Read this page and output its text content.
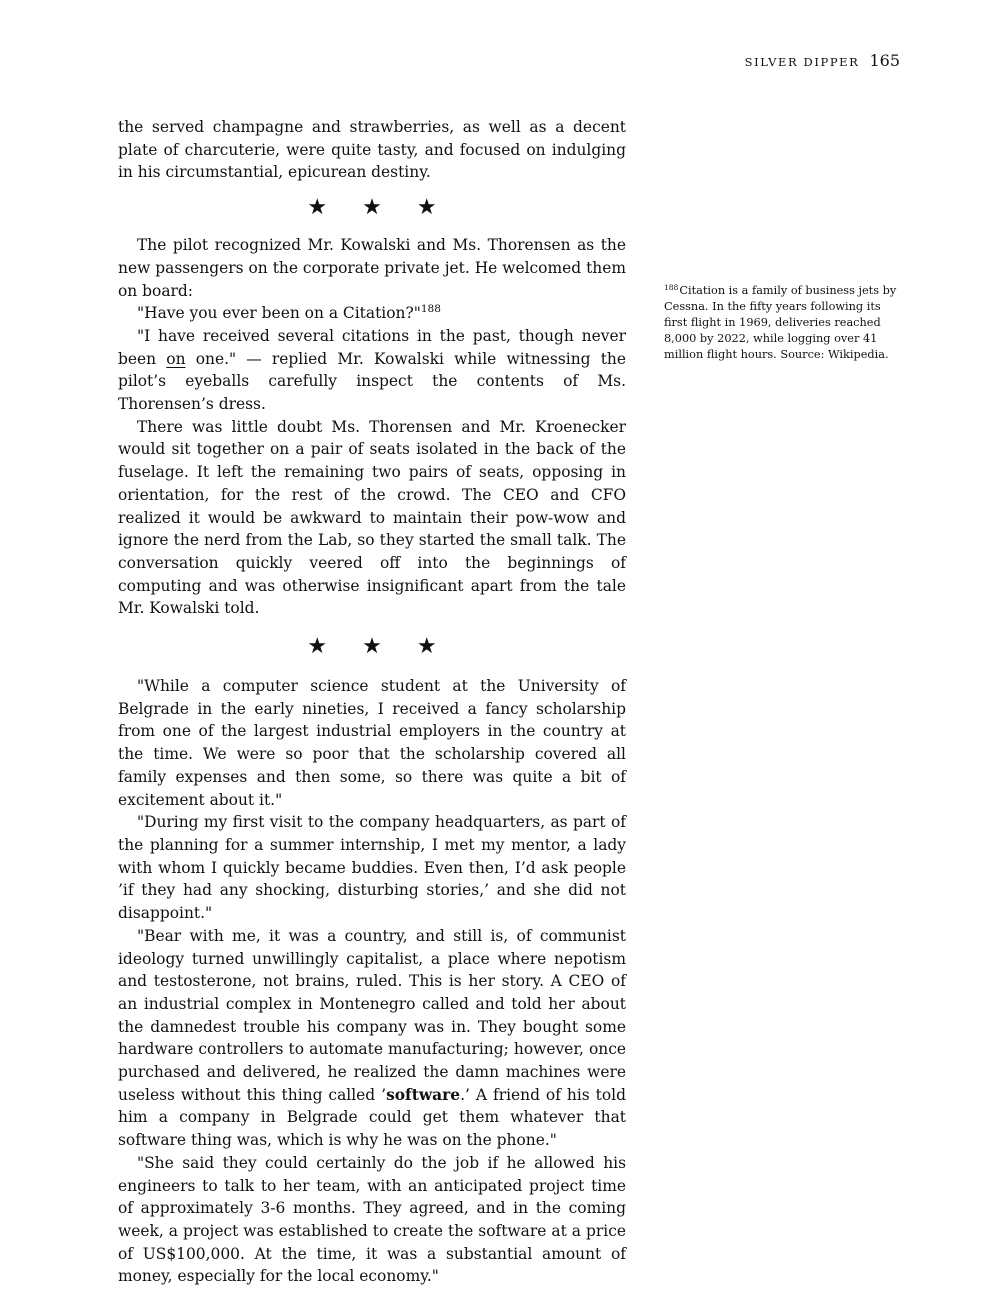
SILVER DIPPER 165

the served champagne and strawberries, as well as a decent plate of charcuterie, were quite tasty, and focused on indulging in his circumstantial, epicurean destiny.

★ ★ ★

The pilot recognized Mr. Kowalski and Ms. Thorensen as the new passengers on the corporate private jet. He welcomed them on board:

"Have you ever been on a Citation?"$^{188}$

"I have received several citations in the past, though never been on one." — replied Mr. Kowalski while witnessing the pilot’s eyeballs carefully inspect the contents of Ms. Thorensen’s dress.

There was little doubt Ms. Thorensen and Mr. Kroenecker would sit together on a pair of seats isolated in the back of the fuselage. It left the remaining two pairs of seats, opposing in orientation, for the rest of the crowd. The CEO and CFO realized it would be awkward to maintain their pow-wow and ignore the nerd from the Lab, so they started the small talk. The conversation quickly veered off into the beginnings of computing and was otherwise insignificant apart from the tale Mr. Kowalski told.

★ ★ ★

"While a computer science student at the University of Belgrade in the early nineties, I received a fancy scholarship from one of the largest industrial employers in the country at the time. We were so poor that the scholarship covered all family expenses and then some, so there was quite a bit of excitement about it."

"During my first visit to the company headquarters, as part of the planning for a summer internship, I met my mentor, a lady with whom I quickly became buddies. Even then, I’d ask people ’if they had any shocking, disturbing stories,’ and she did not disappoint."

"Bear with me, it was a country, and still is, of communist ideology turned unwillingly capitalist, a place where nepotism and testosterone, not brains, ruled. This is her story. A CEO of an industrial complex in Montenegro called and told her about the damnedest trouble his company was in. They bought some hardware controllers to automate manufacturing; however, once purchased and delivered, he realized the damn machines were useless without this thing called ’software.’ A friend of his told him a company in Belgrade could get them whatever that software thing was, which is why he was on the phone."

"She said they could certainly do the job if he allowed his engineers to talk to her team, with an anticipated project time of approximately 3-6 months. They agreed, and in the coming week, a project was established to create the software at a price of US$100,000. At the time, it was a substantial amount of money, especially for the local economy."

$^{188}$Citation is a family of business jets by Cessna. In the fifty years following its first flight in 1969, deliveries reached 8,000 by 2022, while logging over 41 million flight hours. Source: Wikipedia.
